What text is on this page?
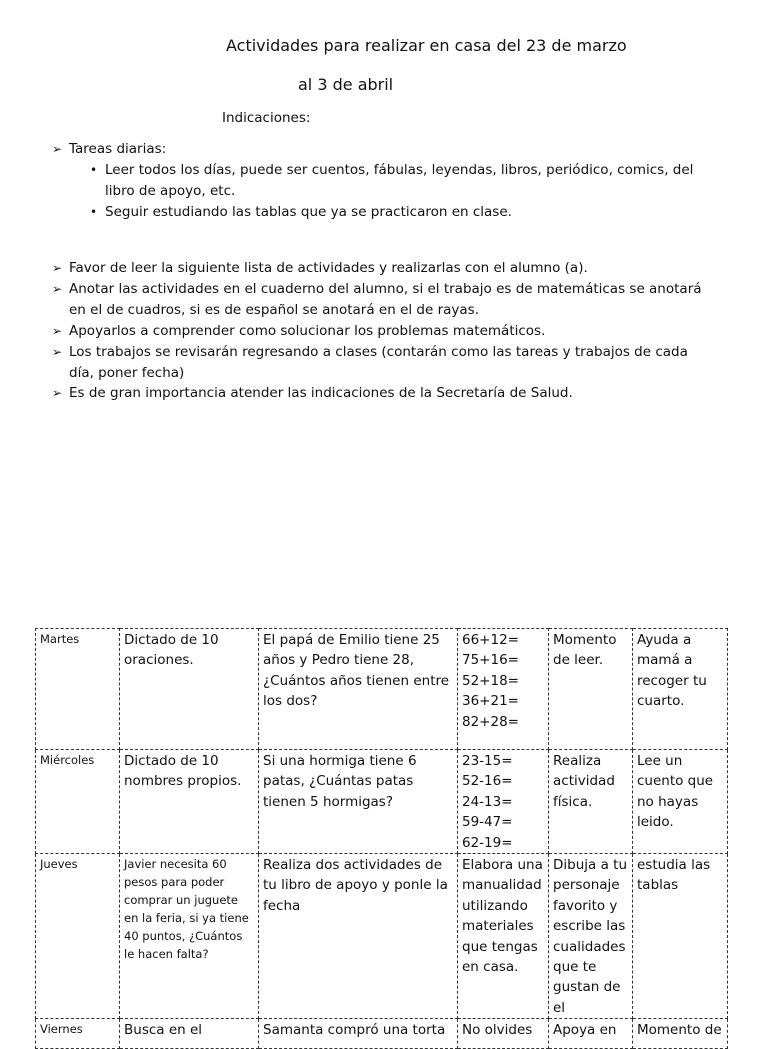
Actividades para realizar en casa del 23 de marzo
al 3 de abril
Indicaciones:
➢ Tareas diarias:
• Leer todos los días, puede ser cuentos, fábulas, leyendas, libros, periódico, comics, del
libro de apoyo, etc.
• Seguir estudiando las tablas que ya se practicaron en clase.
➢ Favor de leer la siguiente lista de actividades y realizarlas con el alumno (a).
➢ Anotar las actividades en el cuaderno del alumno, si el trabajo es de matemáticas se anotará
en el de cuadros, si es de español se anotará en el de rayas.
➢ Apoyarlos a comprender como solucionar los problemas matemáticos.
➢ Los trabajos se revisarán regresando a clases (contarán como las tareas y trabajos de cada
día, poner fecha)
➢ Es de gran importancia atender las indicaciones de la Secretaría de Salud.
Martes	Dictado de 10 oraciones.	El papá de Emilio tiene 25 años y Pedro tiene 28, ¿Cuántos años tienen entre los dos?	66+12=
75+16=
52+18=
36+21=
82+28=	Momento de leer.	Ayuda a mamá a recoger tu cuarto.
Miércoles	Dictado de 10 nombres propios.	Si una hormiga tiene 6 patas, ¿Cuántas patas tienen 5 hormigas?	23-15=
52-16=
24-13=
59-47=
62-19=	Realiza actividad física.	Lee un cuento que no hayas leido.
Jueves	Javier necesita 60 pesos para poder comprar un juguete en la feria, si ya tiene 40 puntos, ¿Cuántos le hacen falta?	Realiza dos actividades de tu libro de apoyo y ponle la fecha	Elabora una manualidad utilizando materiales que tengas en casa.	Dibuja a tu personaje favorito y escribe las cualidades que te gustan de el	estudia las tablas
Viernes	Busca en el	Samanta compró una torta	No olvides	Apoya en	Momento de
